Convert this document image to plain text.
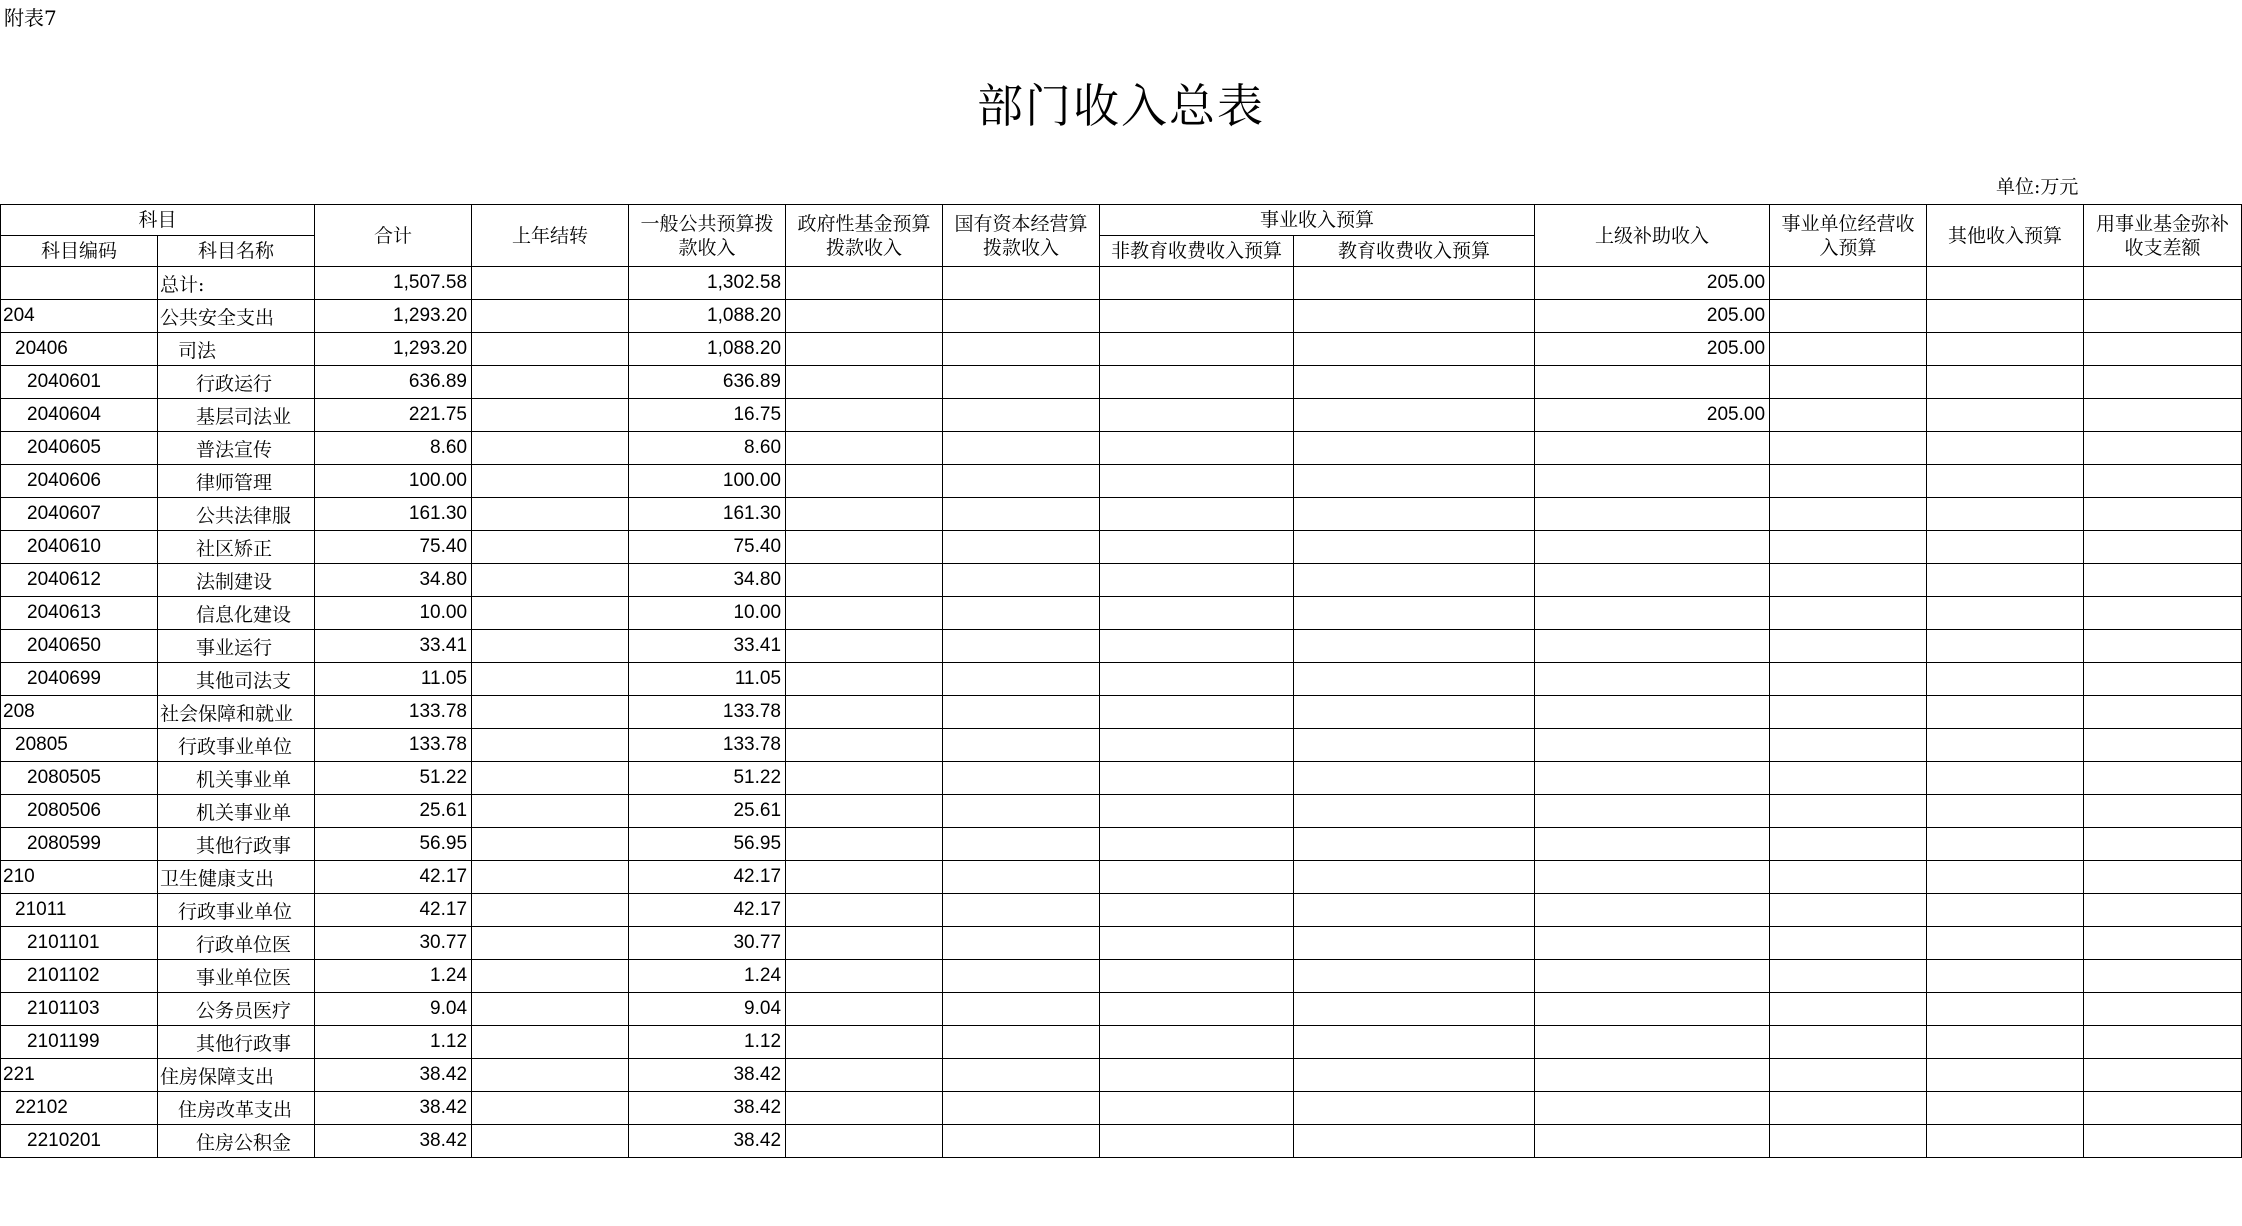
附表7
部门收入总表
单位:万元
科目		合计	上年结转	一般公共预算拨款收入	政府性基金预算拨款收入	国有资本经营算拨款收入	事业收入预算		上级补助收入	事业单位经营收入预算	其他收入预算	用事业基金弥补收支差额
科目编码	科目名称						非教育收费收入预算	教育收费收入预算				
	总计:	1,507.58		1,302.58					205.00			
204	公共安全支出	1,293.20		1,088.20					205.00			
20406	司法	1,293.20		1,088.20					205.00			
2040601	行政运行	636.89		636.89								
2040604	基层司法业	221.75		16.75					205.00			
2040605	普法宣传	8.60		8.60								
2040606	律师管理	100.00		100.00								
2040607	公共法律服	161.30		161.30								
2040610	社区矫正	75.40		75.40								
2040612	法制建设	34.80		34.80								
2040613	信息化建设	10.00		10.00								
2040650	事业运行	33.41		33.41								
2040699	其他司法支	11.05		11.05								
208	社会保障和就业	133.78		133.78								
20805	行政事业单位	133.78		133.78								
2080505	机关事业单	51.22		51.22								
2080506	机关事业单	25.61		25.61								
2080599	其他行政事	56.95		56.95								
210	卫生健康支出	42.17		42.17								
21011	行政事业单位	42.17		42.17								
2101101	行政单位医	30.77		30.77								
2101102	事业单位医	1.24		1.24								
2101103	公务员医疗	9.04		9.04								
2101199	其他行政事	1.12		1.12								
221	住房保障支出	38.42		38.42								
22102	住房改革支出	38.42		38.42								
2210201	住房公积金	38.42		38.42								
